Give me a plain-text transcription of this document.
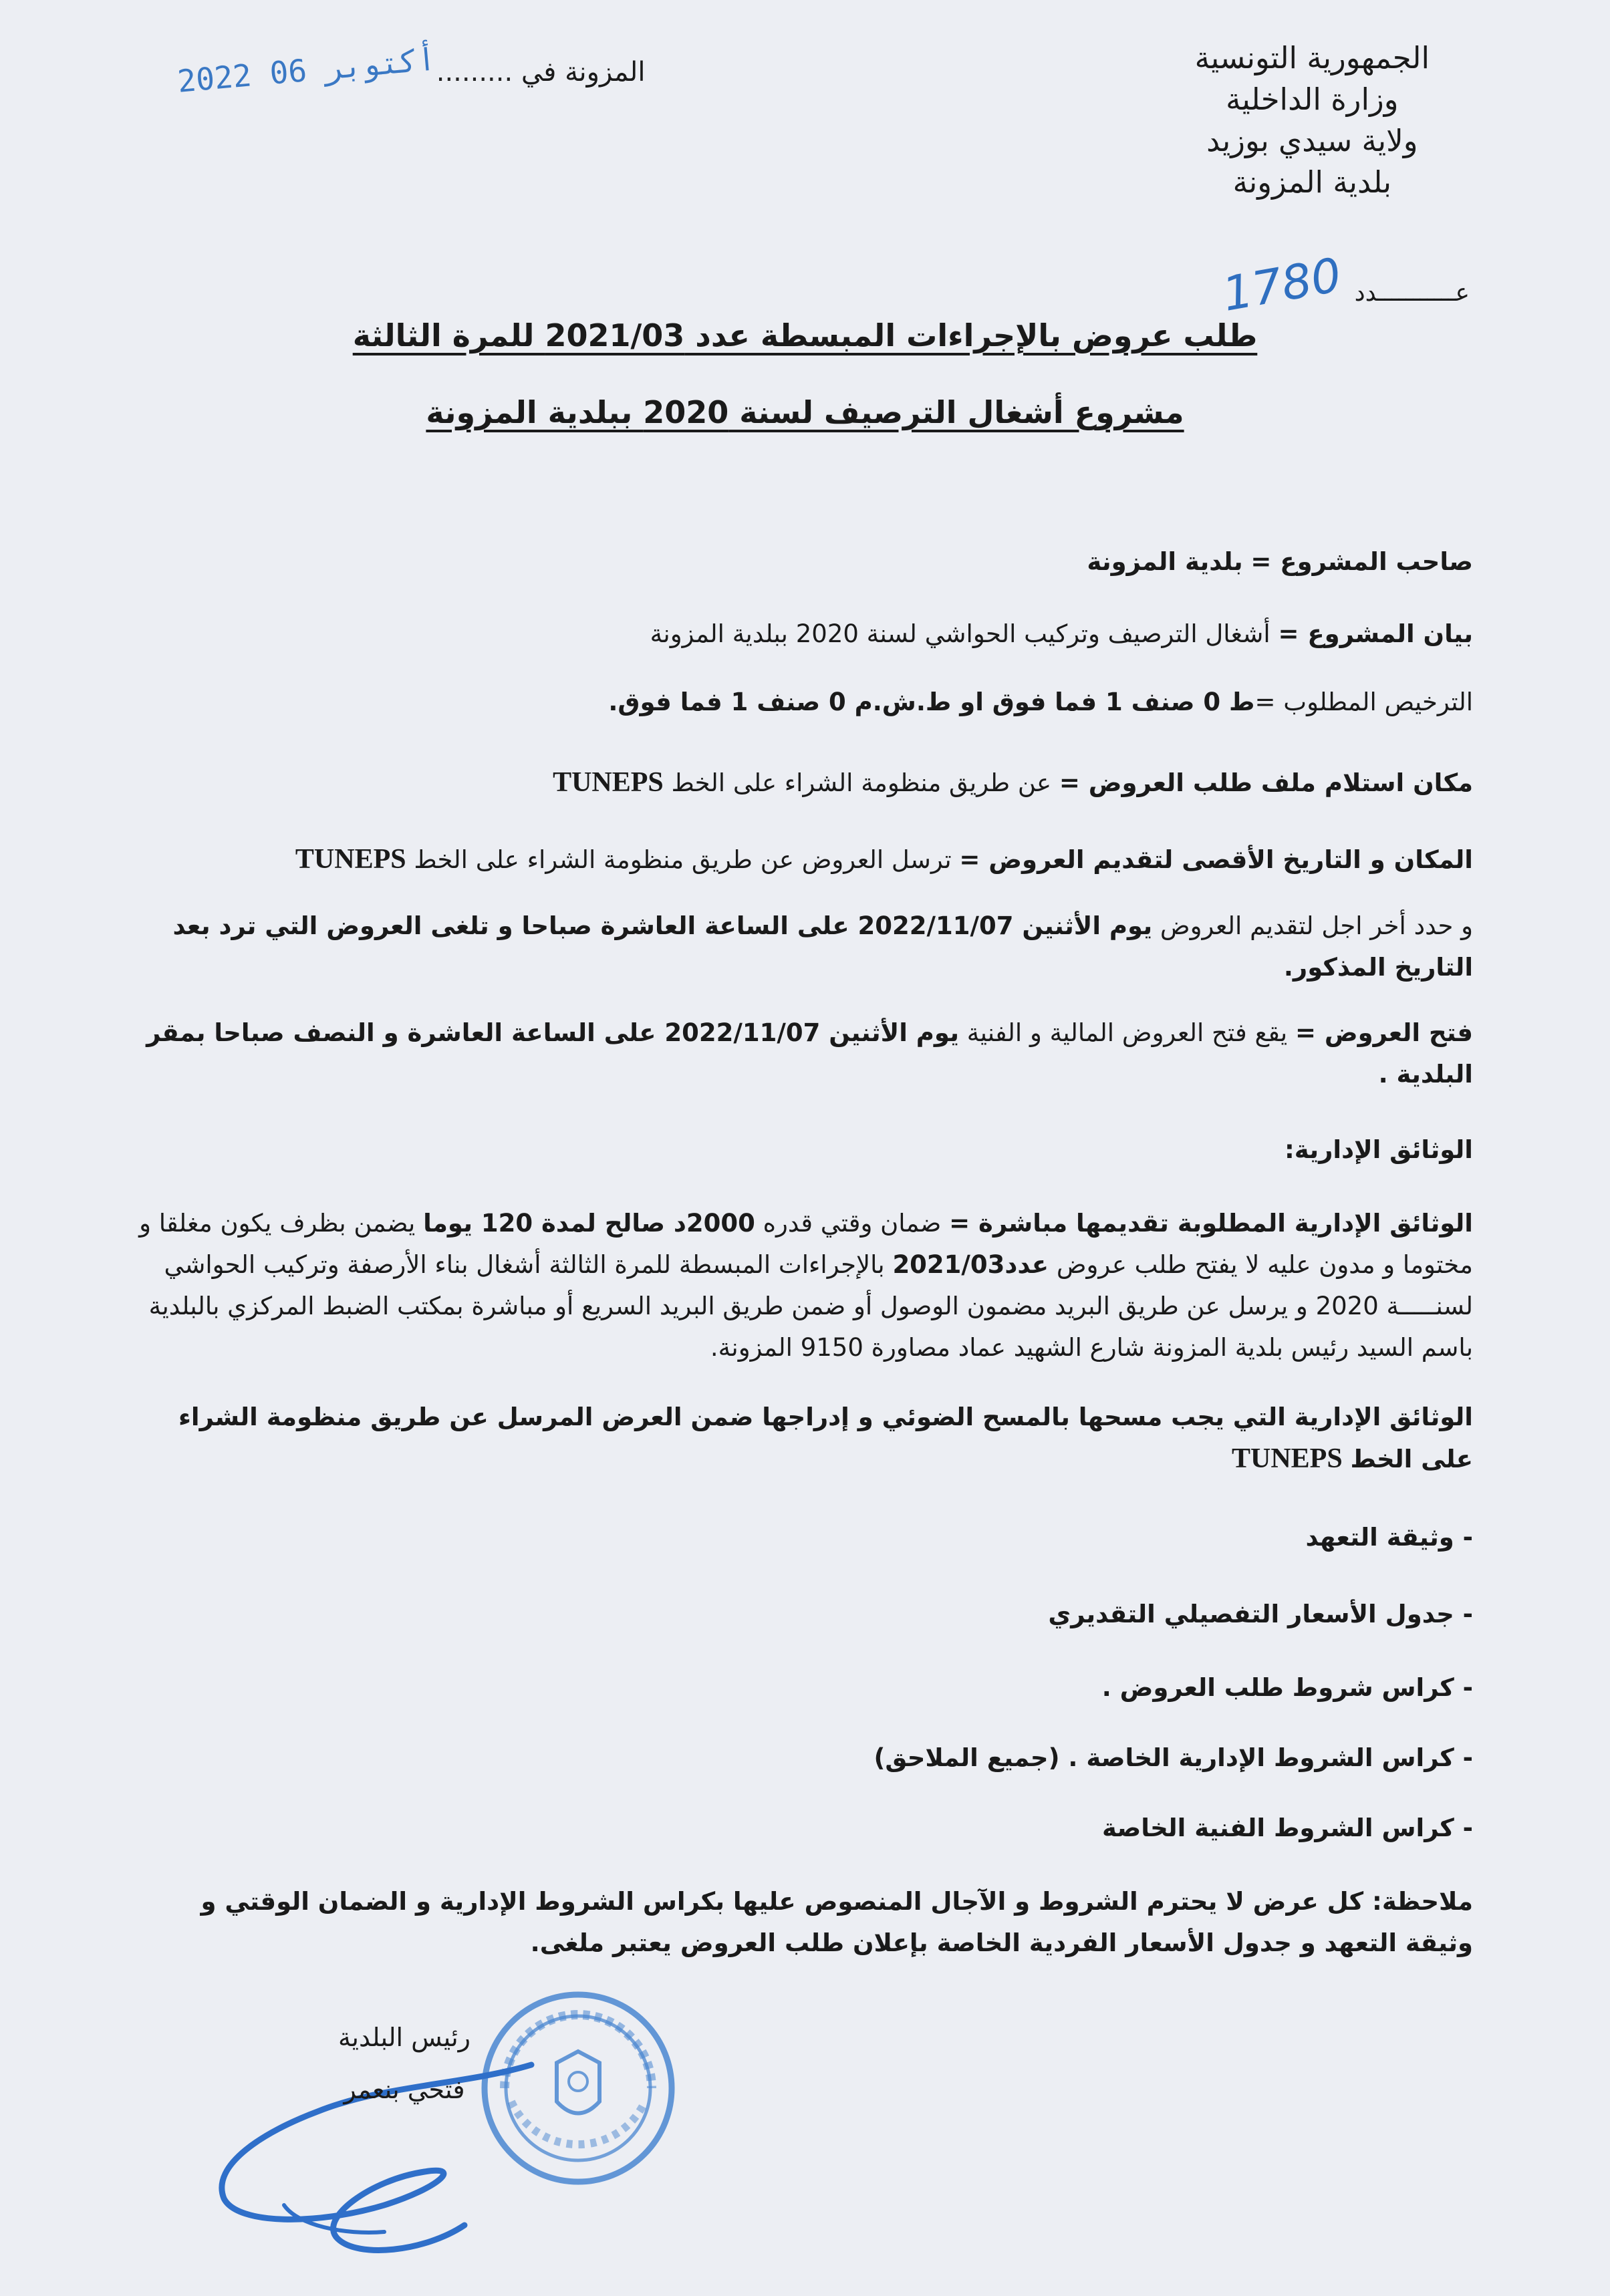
الجمهورية التونسية
وزارة الداخلية
ولاية سيدي بوزيد
بلدية المزونة
2022 أكتوبر 06......... المزونة في
عـــــــــــدد 1780
طلب عروض بالإجراءات المبسطة عدد 2021/03 للمرة الثالثة
مشروع أشغال الترصيف لسنة 2020 ببلدية المزونة
صاحب المشروع = بلدية المزونة
بيان المشروع = أشغال الترصيف وتركيب الحواشي لسنة 2020 ببلدية المزونة
الترخيص المطلوب =ط 0 صنف 1 فما فوق او ط.ش.م 0 صنف 1 فما فوق.
مكان استلام ملف طلب العروض = عن طريق منظومة الشراء على الخط TUNEPS
المكان و التاريخ الأقصى لتقديم العروض = ترسل العروض عن طريق منظومة الشراء على الخط TUNEPS
و حدد أخر اجل لتقديم العروض يوم الأثنين 2022/11/07 على الساعة العاشرة صباحا و تلغى العروض التي ترد بعد التاريخ المذكور.
فتح العروض = يقع فتح العروض المالية و الفنية يوم الأثنين 2022/11/07 على الساعة العاشرة و النصف صباحا بمقر البلدية .
الوثائق الإدارية:
الوثائق الإدارية المطلوبة تقديمها مباشرة = ضمان وقتي قدره 2000د صالح لمدة 120 يوما يضمن بظرف يكون مغلقا و مختوما و مدون عليه لا يفتح طلب عروض عدد2021/03 بالإجراءات المبسطة للمرة الثالثة أشغال بناء الأرصفة وتركيب الحواشي لسنـــــة 2020 و يرسل عن طريق البريد مضمون الوصول أو ضمن طريق البريد السريع أو مباشرة بمكتب الضبط المركزي بالبلدية باسم السيد رئيس بلدية المزونة شارع الشهيد عماد مصاورة 9150 المزونة.
الوثائق الإدارية التي يجب مسحها بالمسح الضوئي و إدراجها ضمن العرض المرسل عن طريق منظومة الشراء على الخط TUNEPS
- وثيقة التعهد
- جدول الأسعار التفصيلي التقديري
- كراس شروط طلب العروض .
- كراس الشروط الإدارية الخاصة . (جميع الملاحق)
- كراس الشروط الفنية الخاصة
ملاحظة: كل عرض لا يحترم الشروط و الآجال المنصوص عليها بكراس الشروط الإدارية و الضمان الوقتي و وثيقة التعهد و جدول الأسعار الفردية الخاصة بإعلان طلب العروض يعتبر ملغى.
رئيس البلدية
فتحي بنعمر
